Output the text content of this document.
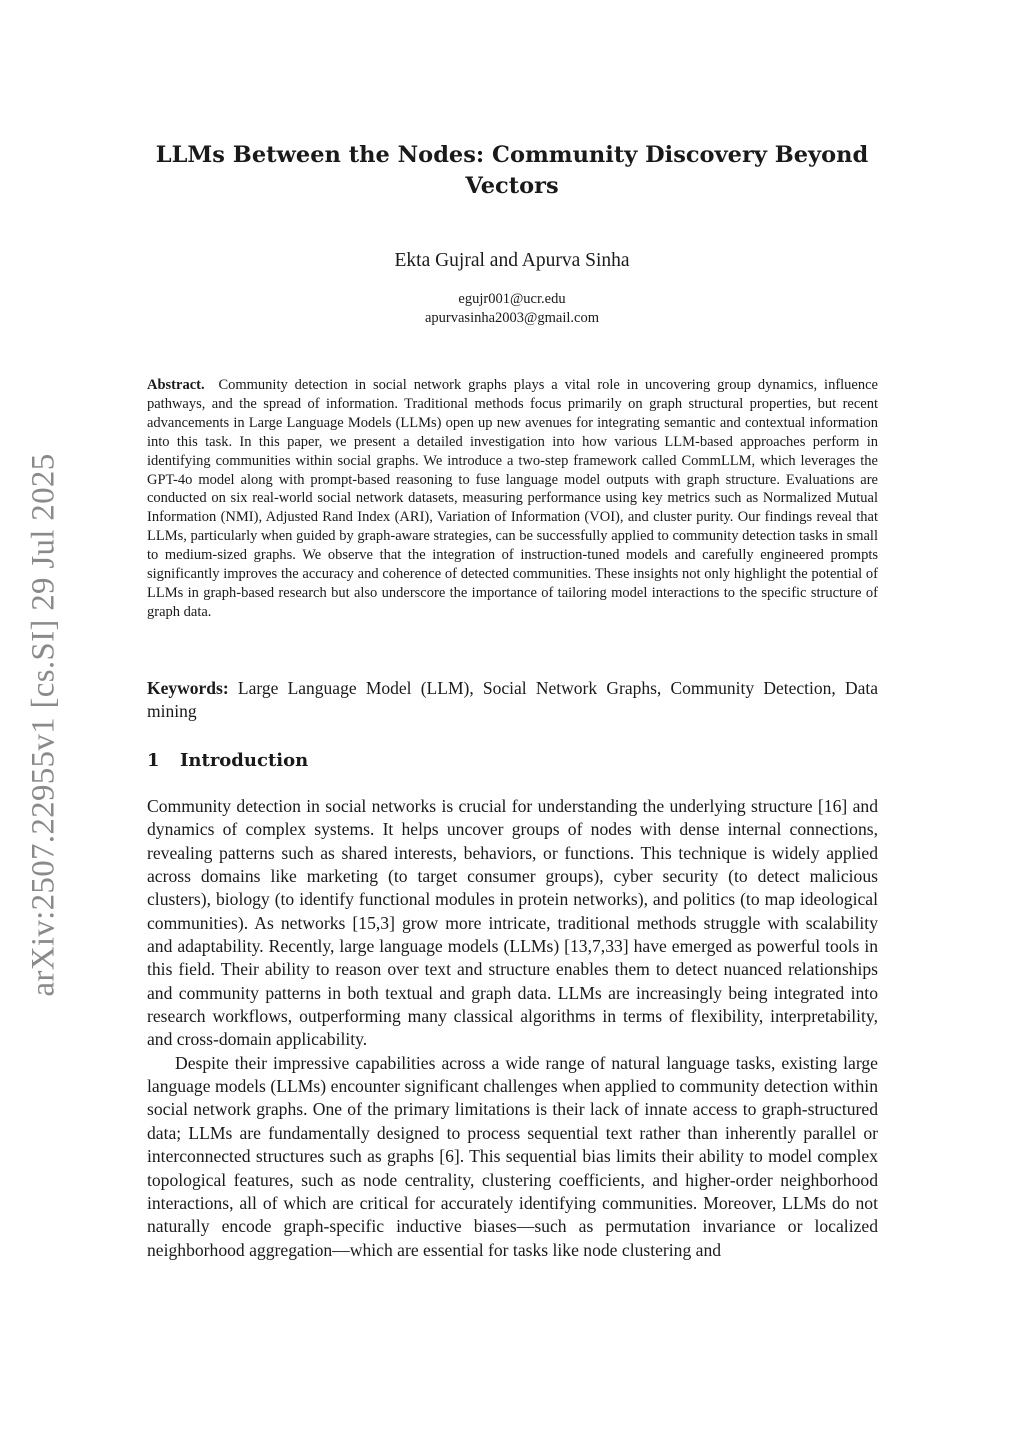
arXiv:2507.22955v1 [cs.SI] 29 Jul 2025
LLMs Between the Nodes: Community Discovery Beyond Vectors
Ekta Gujral and Apurva Sinha
egujr001@ucr.edu
apurvasinha2003@gmail.com

Abstract. Community detection in social network graphs plays a vital role in uncovering group dynamics, influence pathways, and the spread of information. Traditional methods focus primarily on graph structural properties, but recent advancements in Large Language Models (LLMs) open up new avenues for integrating semantic and contextual information into this task. In this paper, we present a detailed investigation into how various LLM-based approaches perform in identifying communities within social graphs. We introduce a two-step framework called CommLLM, which leverages the GPT-4o model along with prompt-based reasoning to fuse language model outputs with graph structure. Evaluations are conducted on six real-world social network datasets, measuring performance using key metrics such as Normalized Mutual Information (NMI), Adjusted Rand Index (ARI), Variation of Information (VOI), and cluster purity. Our findings reveal that LLMs, particularly when guided by graph-aware strategies, can be successfully applied to community detection tasks in small to medium-sized graphs. We observe that the integration of instruction-tuned models and carefully engineered prompts significantly improves the accuracy and coherence of detected communities. These insights not only highlight the potential of LLMs in graph-based research but also underscore the importance of tailoring model interactions to the specific structure of graph data.

Keywords: Large Language Model (LLM), Social Network Graphs, Community Detection, Data mining

1 Introduction

Community detection in social networks is crucial for understanding the underlying structure [16] and dynamics of complex systems. It helps uncover groups of nodes with dense internal connections, revealing patterns such as shared interests, behaviors, or functions. This technique is widely applied across domains like marketing (to target consumer groups), cyber security (to detect malicious clusters), biology (to identify functional modules in protein networks), and politics (to map ideological communities). As networks [15,3] grow more intricate, traditional methods struggle with scalability and adaptability. Recently, large language models (LLMs) [13,7,33] have emerged as powerful tools in this field. Their ability to reason over text and structure enables them to detect nuanced relationships and community patterns in both textual and graph data. LLMs are increasingly being integrated into research workflows, outperforming many classical algorithms in terms of flexibility, interpretability, and cross-domain applicability.

Despite their impressive capabilities across a wide range of natural language tasks, existing large language models (LLMs) encounter significant challenges when applied to community detection within social network graphs. One of the primary limitations is their lack of innate access to graph-structured data; LLMs are fundamentally designed to process sequential text rather than inherently parallel or interconnected structures such as graphs [6]. This sequential bias limits their ability to model complex topological features, such as node centrality, clustering coefficients, and higher-order neighborhood interactions, all of which are critical for accurately identifying communities. Moreover, LLMs do not naturally encode graph-specific inductive biases—such as permutation invariance or localized neighborhood aggregation—which are essential for tasks like node clustering and
